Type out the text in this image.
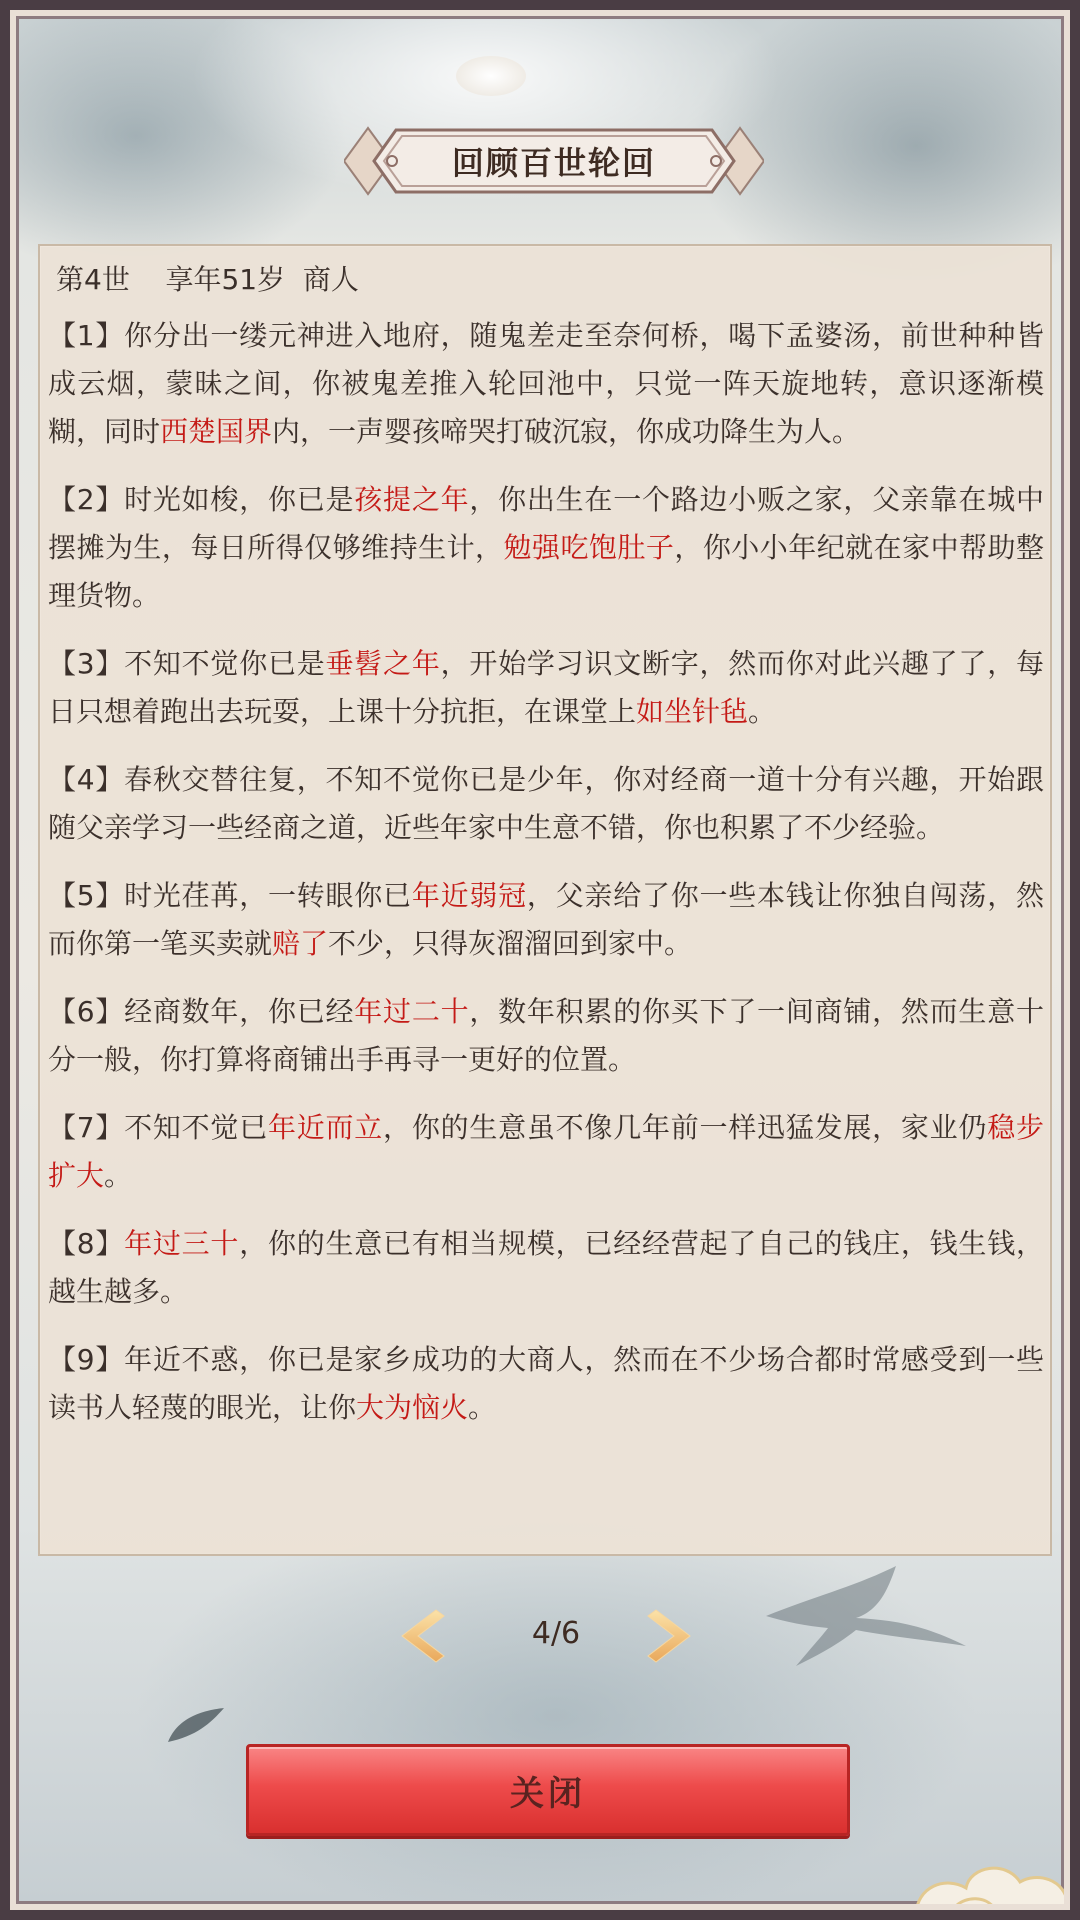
回顾百世轮回
第4世 享年51岁 商人
【1】你分出一缕元神进入地府，随鬼差走至奈何桥，喝下孟婆汤，前世种种皆成云烟，蒙昧之间，你被鬼差推入轮回池中，只觉一阵天旋地转，意识逐渐模糊，同时西楚国界内，一声婴孩啼哭打破沉寂，你成功降生为人。
【2】时光如梭，你已是孩提之年，你出生在一个路边小贩之家，父亲靠在城中摆摊为生，每日所得仅够维持生计，勉强吃饱肚子，你小小年纪就在家中帮助整理货物。
【3】不知不觉你已是垂髫之年，开始学习识文断字，然而你对此兴趣了了，每日只想着跑出去玩耍，上课十分抗拒，在课堂上如坐针毡。
【4】春秋交替往复，不知不觉你已是少年，你对经商一道十分有兴趣，开始跟随父亲学习一些经商之道，近些年家中生意不错，你也积累了不少经验。
【5】时光荏苒，一转眼你已年近弱冠，父亲给了你一些本钱让你独自闯荡，然而你第一笔买卖就赔了不少，只得灰溜溜回到家中。
【6】经商数年，你已经年过二十，数年积累的你买下了一间商铺，然而生意十分一般，你打算将商铺出手再寻一更好的位置。
【7】不知不觉已年近而立，你的生意虽不像几年前一样迅猛发展，家业仍稳步扩大。
【8】年过三十，你的生意已有相当规模，已经经营起了自己的钱庄，钱生钱，越生越多。
【9】年近不惑，你已是家乡成功的大商人，然而在不少场合都时常感受到一些读书人轻蔑的眼光，让你大为恼火。
4/6
关闭
